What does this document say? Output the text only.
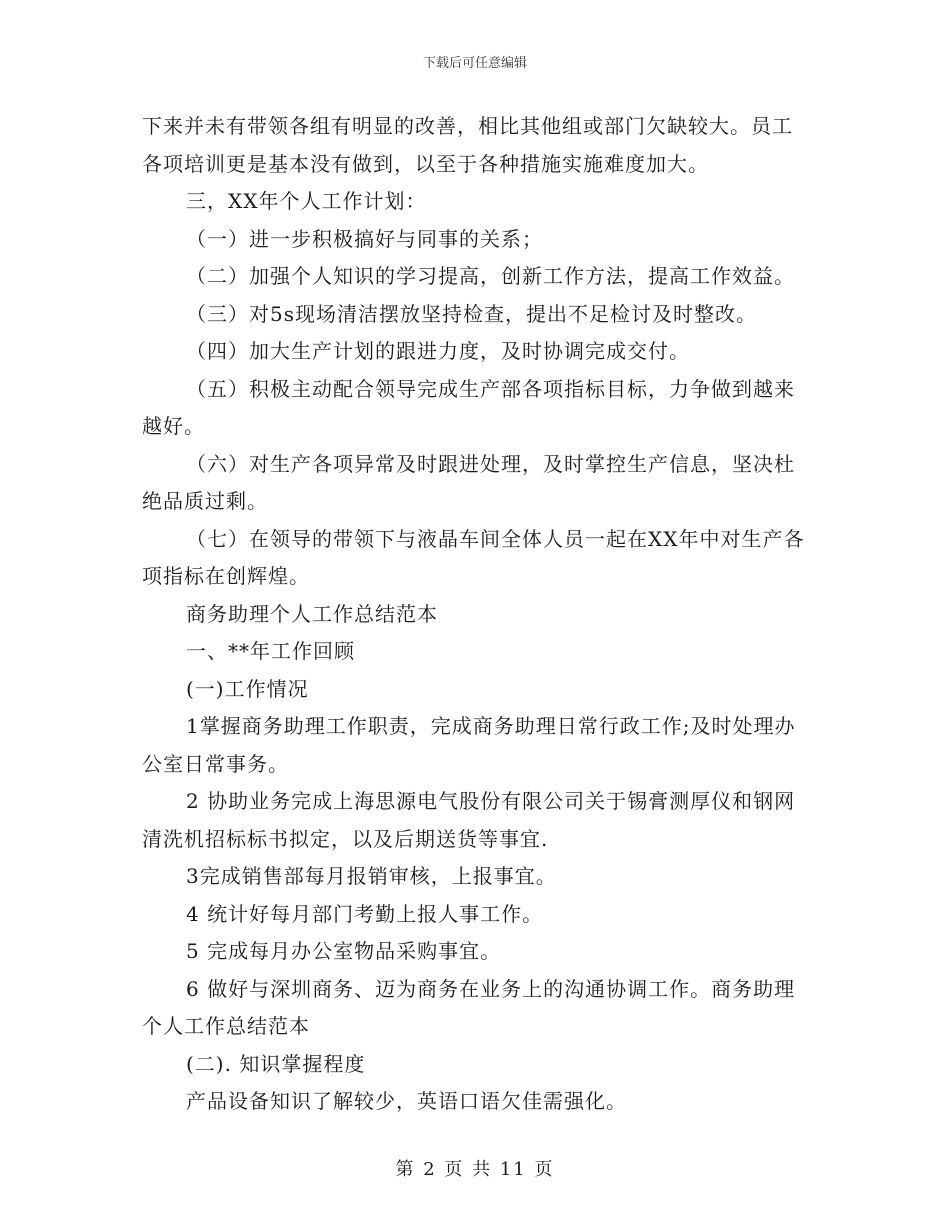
下载后可任意编辑

下来并未有带领各组有明显的改善，相比其他组或部门欠缺较大。员工各项培训更是基本没有做到，以至于各种措施实施难度加大。

三，XX年个人工作计划：

（一）进一步积极搞好与同事的关系；

（二）加强个人知识的学习提高，创新工作方法，提高工作效益。

（三）对5s现场清洁摆放坚持检查，提出不足检讨及时整改。

（四）加大生产计划的跟进力度，及时协调完成交付。

（五）积极主动配合领导完成生产部各项指标目标，力争做到越来越好。

（六）对生产各项异常及时跟进处理，及时掌控生产信息，坚决杜绝品质过剩。

（七）在领导的带领下与液晶车间全体人员一起在XX年中对生产各项指标在创辉煌。

商务助理个人工作总结范本

一、**年工作回顾

(一)工作情况

1掌握商务助理工作职责，完成商务助理日常行政工作;及时处理办公室日常事务。

2 协助业务完成上海思源电气股份有限公司关于锡膏测厚仪和钢网清洗机招标标书拟定，以及后期送货等事宜.

3完成销售部每月报销审核，上报事宜。

4 统计好每月部门考勤上报人事工作。

5 完成每月办公室物品采购事宜。

6 做好与深圳商务、迈为商务在业务上的沟通协调工作。商务助理个人工作总结范本

(二). 知识掌握程度

产品设备知识了解较少，英语口语欠佳需强化。

第 2 页 共 11 页
